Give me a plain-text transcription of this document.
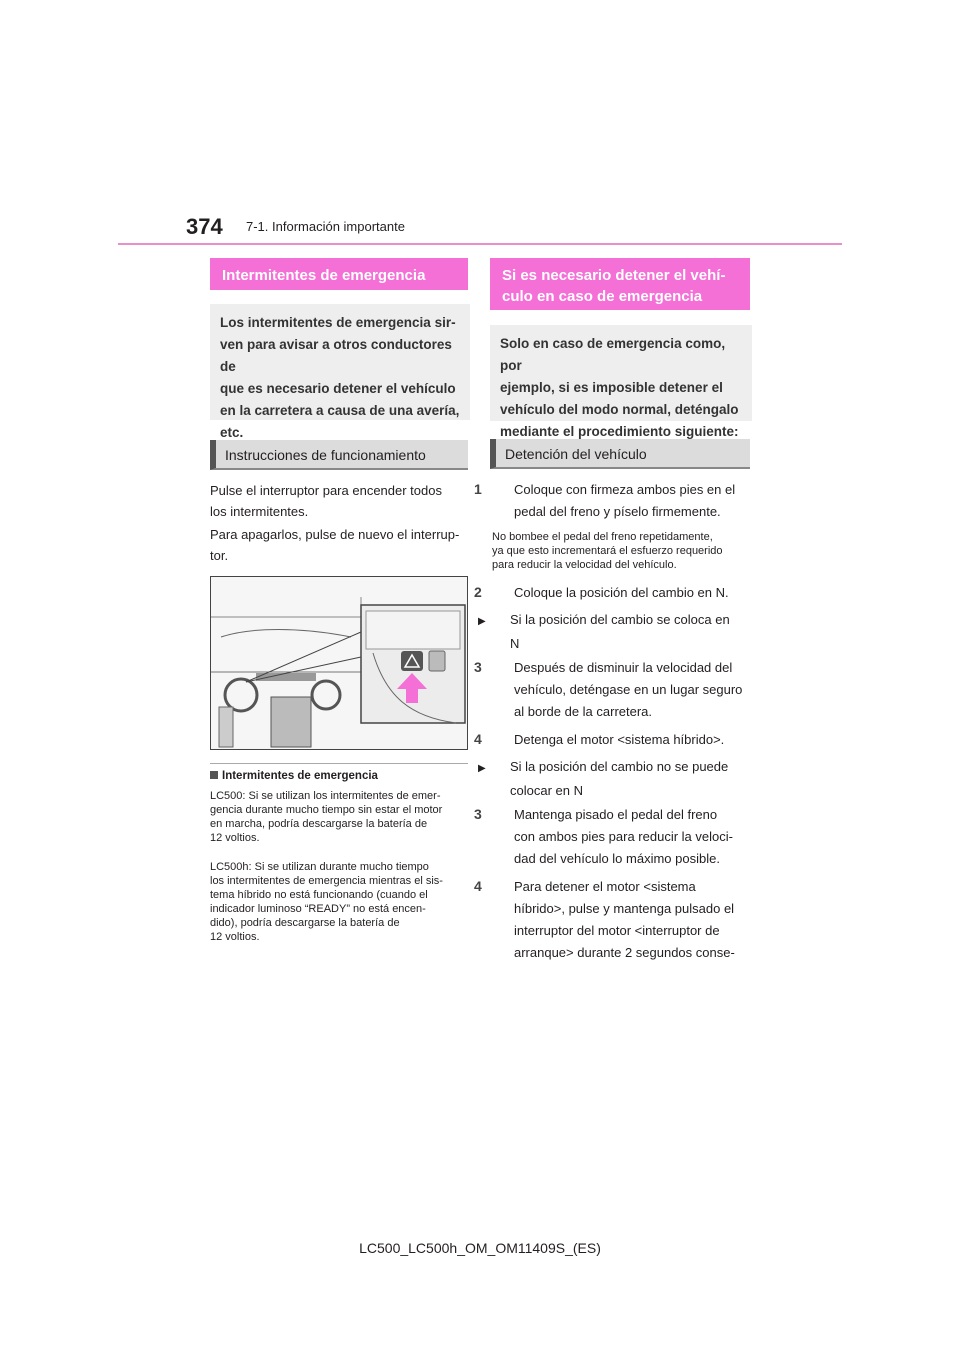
374 7-1. Información importante
Intermitentes de emergencia
Los intermitentes de emergencia sir-
ven para avisar a otros conductores de
que es necesario detener el vehículo
en la carretera a causa de una avería,
etc.
Instrucciones de funcionamiento
Pulse el interruptor para encender todos
los intermitentes.
Para apagarlos, pulse de nuevo el interrup-
tor.
Intermitentes de emergencia
LC500: Si se utilizan los intermitentes de emer-
gencia durante mucho tiempo sin estar el motor
en marcha, podría descargarse la batería de
12 voltios.
LC500h: Si se utilizan durante mucho tiempo
los intermitentes de emergencia mientras el sis-
tema híbrido no está funcionando (cuando el
indicador luminoso “READY” no está encen-
dido), podría descargarse la batería de
12 voltios.
Si es necesario detener el vehí-
culo en caso de emergencia
Solo en caso de emergencia como, por
ejemplo, si es imposible detener el
vehículo del modo normal, deténgalo
mediante el procedimiento siguiente:
Detención del vehículo
1 Coloque con firmeza ambos pies en el
pedal del freno y píselo firmemente.
No bombee el pedal del freno repetidamente,
ya que esto incrementará el esfuerzo requerido
para reducir la velocidad del vehículo.
2 Coloque la posición del cambio en N.
▶ Si la posición del cambio se coloca en
N
3 Después de disminuir la velocidad del
vehículo, deténgase en un lugar seguro
al borde de la carretera.
4 Detenga el motor <sistema híbrido>.
▶ Si la posición del cambio no se puede
colocar en N
3 Mantenga pisado el pedal del freno
con ambos pies para reducir la veloci-
dad del vehículo lo máximo posible.
4 Para detener el motor <sistema
híbrido>, pulse y mantenga pulsado el
interruptor del motor <interruptor de
arranque> durante 2 segundos conse-
LC500_LC500h_OM_OM11409S_(ES)
